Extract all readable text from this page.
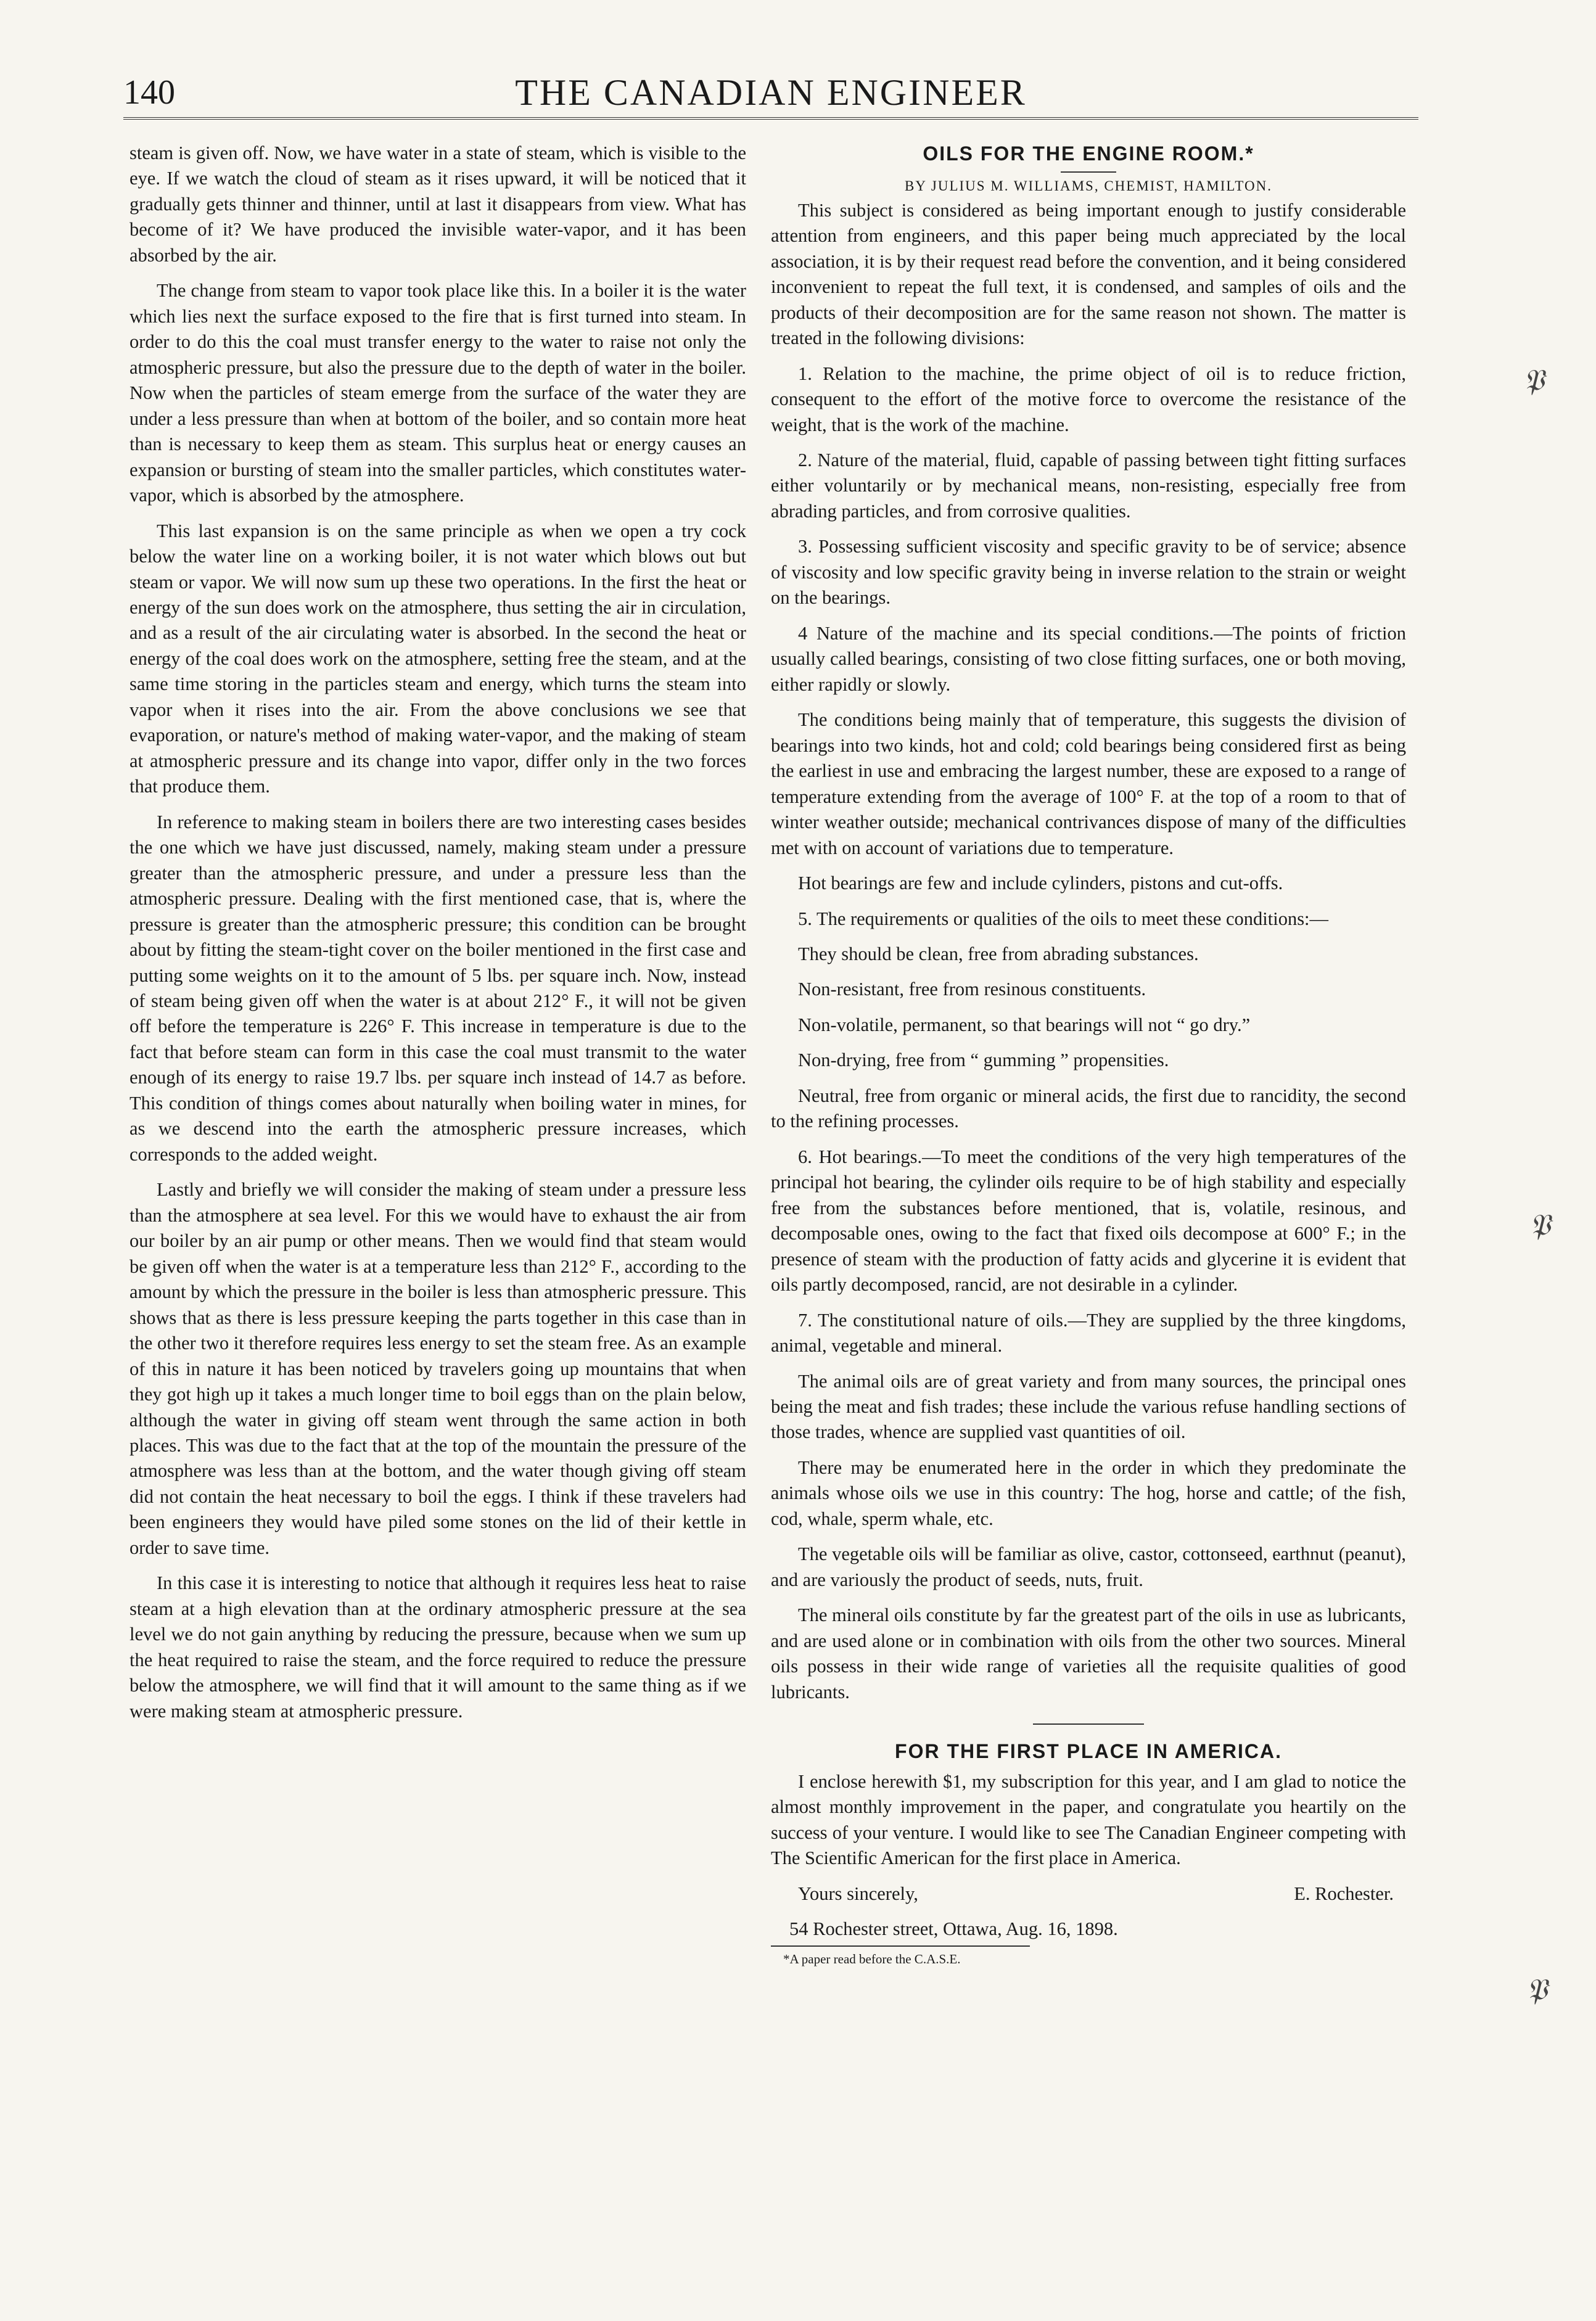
140	THE CANADIAN ENGINEER

steam is given off. Now, we have water in a state of steam, which is visible to the eye. If we watch the cloud of steam as it rises upward, it will be noticed that it gradually gets thinner and thinner, until at last it disappears from view. What has become of it? We have produced the invisible water-vapor, and it has been absorbed by the air.

The change from steam to vapor took place like this. In a boiler it is the water which lies next the surface exposed to the fire that is first turned into steam. In order to do this the coal must transfer energy to the water to raise not only the atmospheric pressure, but also the pressure due to the depth of water in the boiler. Now when the particles of steam emerge from the surface of the water they are under a less pressure than when at bottom of the boiler, and so contain more heat than is necessary to keep them as steam. This surplus heat or energy causes an expansion or bursting of steam into the smaller particles, which constitutes water-vapor, which is absorbed by the atmosphere.

This last expansion is on the same principle as when we open a try cock below the water line on a working boiler, it is not water which blows out but steam or vapor. We will now sum up these two operations. In the first the heat or energy of the sun does work on the atmosphere, thus setting the air in circulation, and as a result of the air circulating water is absorbed. In the second the heat or energy of the coal does work on the atmosphere, setting free the steam, and at the same time storing in the particles steam and energy, which turns the steam into vapor when it rises into the air. From the above conclusions we see that evaporation, or nature's method of making water-vapor, and the making of steam at atmospheric pressure and its change into vapor, differ only in the two forces that produce them.

In reference to making steam in boilers there are two interesting cases besides the one which we have just discussed, namely, making steam under a pressure greater than the atmospheric pressure, and under a pressure less than the atmospheric pressure. Dealing with the first mentioned case, that is, where the pressure is greater than the atmospheric pressure; this condition can be brought about by fitting the steam-tight cover on the boiler mentioned in the first case and putting some weights on it to the amount of 5 lbs. per square inch. Now, instead of steam being given off when the water is at about 212° F., it will not be given off before the temperature is 226° F. This increase in temperature is due to the fact that before steam can form in this case the coal must transmit to the water enough of its energy to raise 19.7 lbs. per square inch instead of 14.7 as before. This condition of things comes about naturally when boiling water in mines, for as we descend into the earth the atmospheric pressure increases, which corresponds to the added weight.

Lastly and briefly we will consider the making of steam under a pressure less than the atmosphere at sea level. For this we would have to exhaust the air from our boiler by an air pump or other means. Then we would find that steam would be given off when the water is at a temperature less than 212° F., according to the amount by which the pressure in the boiler is less than atmospheric pressure. This shows that as there is less pressure keeping the parts together in this case than in the other two it therefore requires less energy to set the steam free. As an example of this in nature it has been noticed by travelers going up mountains that when they got high up it takes a much longer time to boil eggs than on the plain below, although the water in giving off steam went through the same action in both places. This was due to the fact that at the top of the mountain the pressure of the atmosphere was less than at the bottom, and the water though giving off steam did not contain the heat necessary to boil the eggs. I think if these travelers had been engineers they would have piled some stones on the lid of their kettle in order to save time.

In this case it is interesting to notice that although it requires less heat to raise steam at a high elevation than at the ordinary atmospheric pressure at the sea level we do not gain anything by reducing the pressure, because when we sum up the heat required to raise the steam, and the force required to reduce the pressure below the atmosphere, we will find that it will amount to the same thing as if we were making steam at atmospheric pressure.

OILS FOR THE ENGINE ROOM.*
BY JULIUS M. WILLIAMS, CHEMIST, HAMILTON.

This subject is considered as being important enough to justify considerable attention from engineers, and this paper being much appreciated by the local association, it is by their request read before the convention, and it being considered inconvenient to repeat the full text, it is condensed, and samples of oils and the products of their decomposition are for the same reason not shown. The matter is treated in the following divisions:

1. Relation to the machine, the prime object of oil is to reduce friction, consequent to the effort of the motive force to overcome the resistance of the weight, that is the work of the machine.

2. Nature of the material, fluid, capable of passing between tight fitting surfaces either voluntarily or by mechanical means, non-resisting, especially free from abrading particles, and from corrosive qualities.

3. Possessing sufficient viscosity and specific gravity to be of service; absence of viscosity and low specific gravity being in inverse relation to the strain or weight on the bearings.

4 Nature of the machine and its special conditions.—The points of friction usually called bearings, consisting of two close fitting surfaces, one or both moving, either rapidly or slowly.

The conditions being mainly that of temperature, this suggests the division of bearings into two kinds, hot and cold; cold bearings being considered first as being the earliest in use and embracing the largest number, these are exposed to a range of temperature extending from the average of 100° F. at the top of a room to that of winter weather outside; mechanical contrivances dispose of many of the difficulties met with on account of variations due to temperature.

Hot bearings are few and include cylinders, pistons and cut-offs.

5. The requirements or qualities of the oils to meet these conditions:—

They should be clean, free from abrading substances.

Non-resistant, free from resinous constituents.

Non-volatile, permanent, so that bearings will not “ go dry.”

Non-drying, free from “ gumming ” propensities.

Neutral, free from organic or mineral acids, the first due to rancidity, the second to the refining processes.

6. Hot bearings.—To meet the conditions of the very high temperatures of the principal hot bearing, the cylinder oils require to be of high stability and especially free from the substances before mentioned, that is, volatile, resinous, and decomposable ones, owing to the fact that fixed oils decompose at 600° F.; in the presence of steam with the production of fatty acids and glycerine it is evident that oils partly decomposed, rancid, are not desirable in a cylinder.

7. The constitutional nature of oils.—They are supplied by the three kingdoms, animal, vegetable and mineral.

The animal oils are of great variety and from many sources, the principal ones being the meat and fish trades; these include the various refuse handling sections of those trades, whence are supplied vast quantities of oil.

There may be enumerated here in the order in which they predominate the animals whose oils we use in this country: The hog, horse and cattle; of the fish, cod, whale, sperm whale, etc.

The vegetable oils will be familiar as olive, castor, cottonseed, earthnut (peanut), and are variously the product of seeds, nuts, fruit.

The mineral oils constitute by far the greatest part of the oils in use as lubricants, and are used alone or in combination with oils from the other two sources. Mineral oils possess in their wide range of varieties all the requisite qualities of good lubricants.

FOR THE FIRST PLACE IN AMERICA.

I enclose herewith $1, my subscription for this year, and I am glad to notice the almost monthly improvement in the paper, and congratulate you heartily on the success of your venture. I would like to see The Canadian Engineer competing with The Scientific American for the first place in America.

Yours sincerely,	E. Rochester.

54 Rochester street, Ottawa, Aug. 16, 1898.
*A paper read before the C.A.S.E.
𝔓
𝔓
𝔓
